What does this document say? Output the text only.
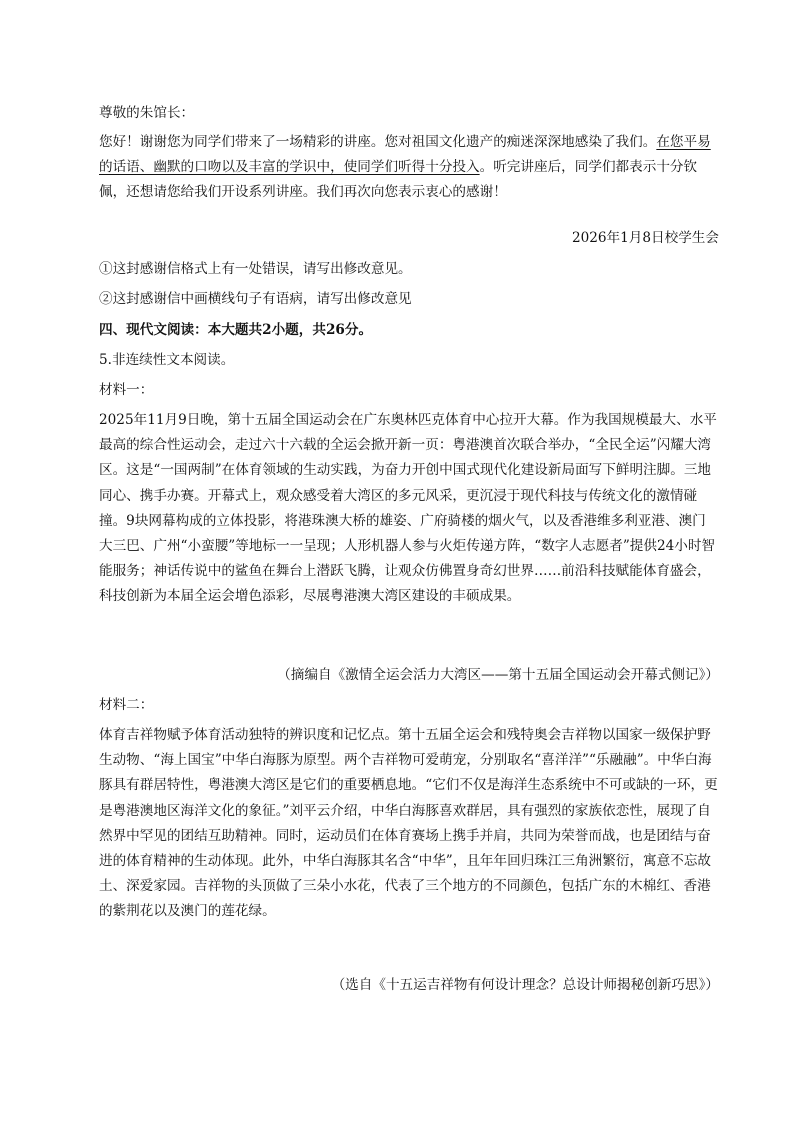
尊敬的朱馆长：
您好！谢谢您为同学们带来了一场精彩的讲座。您对祖国文化遗产的痴迷深深地感染了我们。在您平易的话语、幽默的口吻以及丰富的学识中，使同学们听得十分投入。听完讲座后，同学们都表示十分钦佩，还想请您给我们开设系列讲座。我们再次向您表示衷心的感谢！
2026年1月8日校学生会
①这封感谢信格式上有一处错误，请写出修改意见。
②这封感谢信中画横线句子有语病，请写出修改意见
四、现代文阅读：本大题共2小题，共26分。
5.非连续性文本阅读。
材料一：
2025年11月9日晚，第十五届全国运动会在广东奥林匹克体育中心拉开大幕。作为我国规模最大、水平最高的综合性运动会，走过六十六载的全运会掀开新一页：粤港澳首次联合举办，“全民全运”闪耀大湾区。这是“一国两制”在体育领域的生动实践，为奋力开创中国式现代化建设新局面写下鲜明注脚。三地同心、携手办赛。开幕式上，观众感受着大湾区的多元风采，更沉浸于现代科技与传统文化的激情碰撞。9块网幕构成的立体投影，将港珠澳大桥的雄姿、广府骑楼的烟火气，以及香港维多利亚港、澳门大三巴、广州“小蛮腰”等地标一一呈现；人形机器人参与火炬传递方阵，“数字人志愿者”提供24小时智能服务；神话传说中的鲨鱼在舞台上潜跃飞腾，让观众仿佛置身奇幻世界……前沿科技赋能体育盛会，科技创新为本届全运会增色添彩，尽展粤港澳大湾区建设的丰硕成果。
（摘编自《激情全运会活力大湾区——第十五届全国运动会开幕式侧记》）
材料二：
体育吉祥物赋予体育活动独特的辨识度和记忆点。第十五届全运会和残特奥会吉祥物以国家一级保护野生动物、“海上国宝”中华白海豚为原型。两个吉祥物可爱萌宠，分别取名“喜洋洋”“乐融融”。中华白海豚具有群居特性，粤港澳大湾区是它们的重要栖息地。“它们不仅是海洋生态系统中不可或缺的一环，更是粤港澳地区海洋文化的象征。”刘平云介绍，中华白海豚喜欢群居，具有强烈的家族依恋性，展现了自然界中罕见的团结互助精神。同时，运动员们在体育赛场上携手并肩，共同为荣誉而战，也是团结与奋进的体育精神的生动体现。此外，中华白海豚其名含“中华”，且年年回归珠江三角洲繁衍，寓意不忘故土、深爱家园。吉祥物的头顶做了三朵小水花，代表了三个地方的不同颜色，包括广东的木棉红、香港的紫荆花以及澳门的莲花绿。
（选自《十五运吉祥物有何设计理念？总设计师揭秘创新巧思》）
